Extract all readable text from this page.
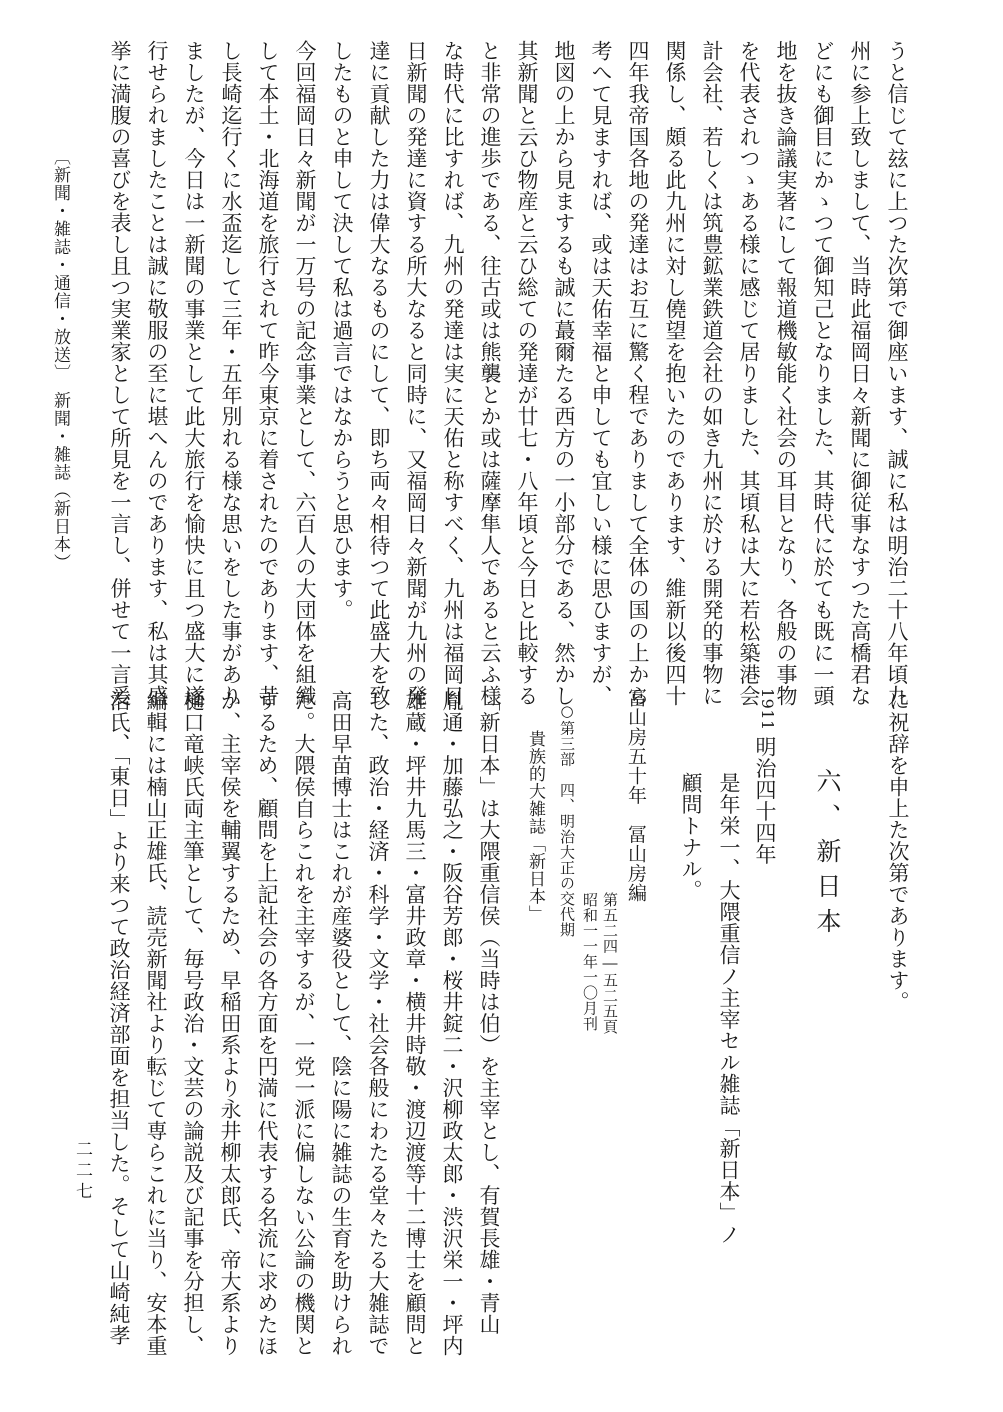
〔新聞・雑誌・通信・放送〕　新聞・雑誌（新日本）	うと信じて玆に上つた次第で御座います、誠に私は明治二十八年頃九
州に参上致しまして、当時此福岡日々新聞に御従事なすつた高橋君な
どにも御目にかゝつて御知己となりました、其時代に於ても既に一頭
地を抜き論議実著にして報道機敏能く社会の耳目となり、各般の事物
を代表されつゝある様に感じて居りました、其頃私は大に若松築港会
計会社、若しくは筑豊鉱業鉄道会社の如き九州に於ける開発的事物に
関係し、頗る此九州に対し僥望を抱いたのであります、維新以後四十
四年我帝国各地の発達はお互に驚く程でありまして全体の国の上から
考へて見ますれば、或は天佑幸福と申しても宜しい様に思ひますが、
地図の上から見まするも誠に蕞爾たる西方の一小部分である、然かし
其新聞と云ひ物産と云ひ総ての発達が廿七・八年頃と今日と比較する
と非常の進歩である、往古或は熊襲とか或は薩摩隼人であると云ふ様
な時代に比すれば、九州の発達は実に天佑と称すべく、九州は福岡日
日新聞の発達に資する所大なると同時に、又福岡日々新聞が九州の発
達に貢献した力は偉大なるものにして、即ち両々相待つて此盛大を致
したものと申して決して私は過言ではなからうと思ひます。
今回福岡日々新聞が一万号の記念事業として、六百人の大団体を組織
して本土・北海道を旅行されて昨今東京に着されたのであります、昔
し長崎迄行くに水盃迄して三年・五年別れる様な思いをした事があり
ましたが、今日は一新聞の事業として此大旅行を愉快に且つ盛大に遂
行せられましたことは誠に敬服の至に堪へんのであります、私は其盛
挙に満腹の喜びを表し且つ実業家として所見を一言し、併せて一言爰
に祝辞を申上た次第であります。
六、新日本
1911
明治四十四年
是年栄一、大隈重信ノ主宰セル雑誌「新日本」ノ
顧問トナル。
冨山房五十年　冨山房編
第五二四―五二五頁
昭和一一年一〇月刊
○第三部　四、明治大正の交代期
貴族的大雑誌「新日本」
「新日本」は大隈重信侯（当時は伯）を主宰とし、有賀長雄・青山
胤通・加藤弘之・阪谷芳郎・桜井錠二・沢柳政太郎・渋沢栄一・坪内
雄蔵・坪井九馬三・富井政章・横井時敬・渡辺渡等十二博士を顧問と
した、政治・経済・科学・文学・社会各般にわたる堂々たる大雑誌で
高田早苗博士はこれが産婆役として、陰に陽に雑誌の生育を助けられ
た。大隈侯自らこれを主宰するが、一党一派に偏しない公論の機関と
するため、顧問を上記社会の各方面を円満に代表する名流に求めたほ
か、主宰侯を輔翼するため、早稲田系より永井柳太郎氏、帝大系より
樋口竜峡氏両主筆として、毎号政治・文芸の論説及び記事を分担し、
編輯には楠山正雄氏、読売新聞社より転じて専らこれに当り、安本重
治氏、「東日」より来つて政治経済部面を担当した。そして山崎純孝
二二七
